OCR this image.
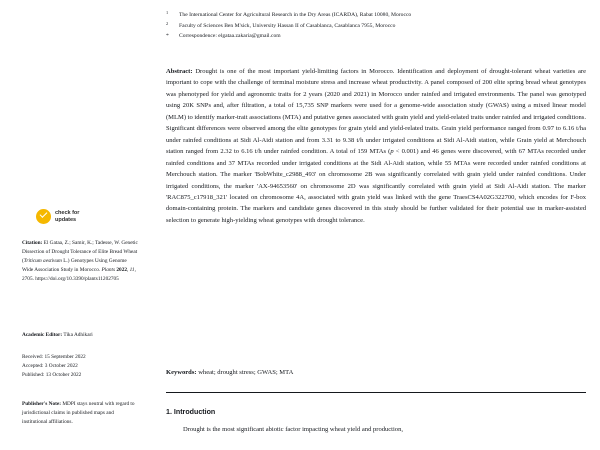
check for
updates
Citation: El Gataa, Z.; Samir, K.; Tadesse, W. Genetic Dissection of Drought Tolerance of Elite Bread Wheat (Triticum aestivum L.) Genotypes Using Genome Wide Association Study in Morocco. Plants 2022, 11, 2705. https://doi.org/10.3390/plants11202705
Academic Editor: Tika Adhikari
Received: 15 September 2022
Accepted: 3 October 2022
Published: 13 October 2022
Publisher's Note: MDPI stays neutral with regard to jurisdictional claims in published maps and institutional affiliations.
1	The International Center for Agricultural Research in the Dry Areas (ICARDA), Rabat 10080, Morocco
2	Faculty of Sciences Ben M'sick, University Hassan II of Casablanca, Casablanca 7955, Morocco
*	Correspondence: elgataa.zakaria@gmail.com
Abstract: Drought is one of the most important yield-limiting factors in Morocco. Identification and deployment of drought-tolerant wheat varieties are important to cope with the challenge of terminal moisture stress and increase wheat productivity. A panel composed of 200 elite spring bread wheat genotypes was phenotyped for yield and agronomic traits for 2 years (2020 and 2021) in Morocco under rainfed and irrigated environments. The panel was genotyped using 20K SNPs and, after filtration, a total of 15,735 SNP markers were used for a genome-wide association study (GWAS) using a mixed linear model (MLM) to identify marker-trait associations (MTA) and putative genes associated with grain yield and yield-related traits under rainfed and irrigated conditions. Significant differences were observed among the elite genotypes for grain yield and yield-related traits. Grain yield performance ranged from 0.97 to 6.16 t/ha under rainfed conditions at Sidi Al-Aidi station and from 3.31 to 9.38 t/h under irrigated conditions at Sidi Al-Aidi station, while Grain yield at Merchouch station ranged from 2.32 to 6.16 t/h under rainfed condition. A total of 159 MTAs (p < 0.001) and 46 genes were discovered, with 67 MTAs recorded under rainfed conditions and 37 MTAs recorded under irrigated conditions at the Sidi Al-Aidi station, while 55 MTAs were recorded under rainfed conditions at Merchouch station. The marker 'BobWhite_c2988_493' on chromosome 2B was significantly correlated with grain yield under rainfed conditions. Under irrigated conditions, the marker 'AX-94653560' on chromosome 2D was significantly correlated with grain yield at Sidi Al-Aidi station. The marker 'RAC875_c17918_321' located on chromosome 4A, associated with grain yield was linked with the gene TraesCS4A02G322700, which encodes for F-box domain-containing protein. The markers and candidate genes discovered in this study should be further validated for their potential use in marker-assisted selection to generate high-yielding wheat genotypes with drought tolerance.
Keywords: wheat; drought stress; GWAS; MTA
1. Introduction
Drought is the most significant abiotic factor impacting wheat yield and production,
